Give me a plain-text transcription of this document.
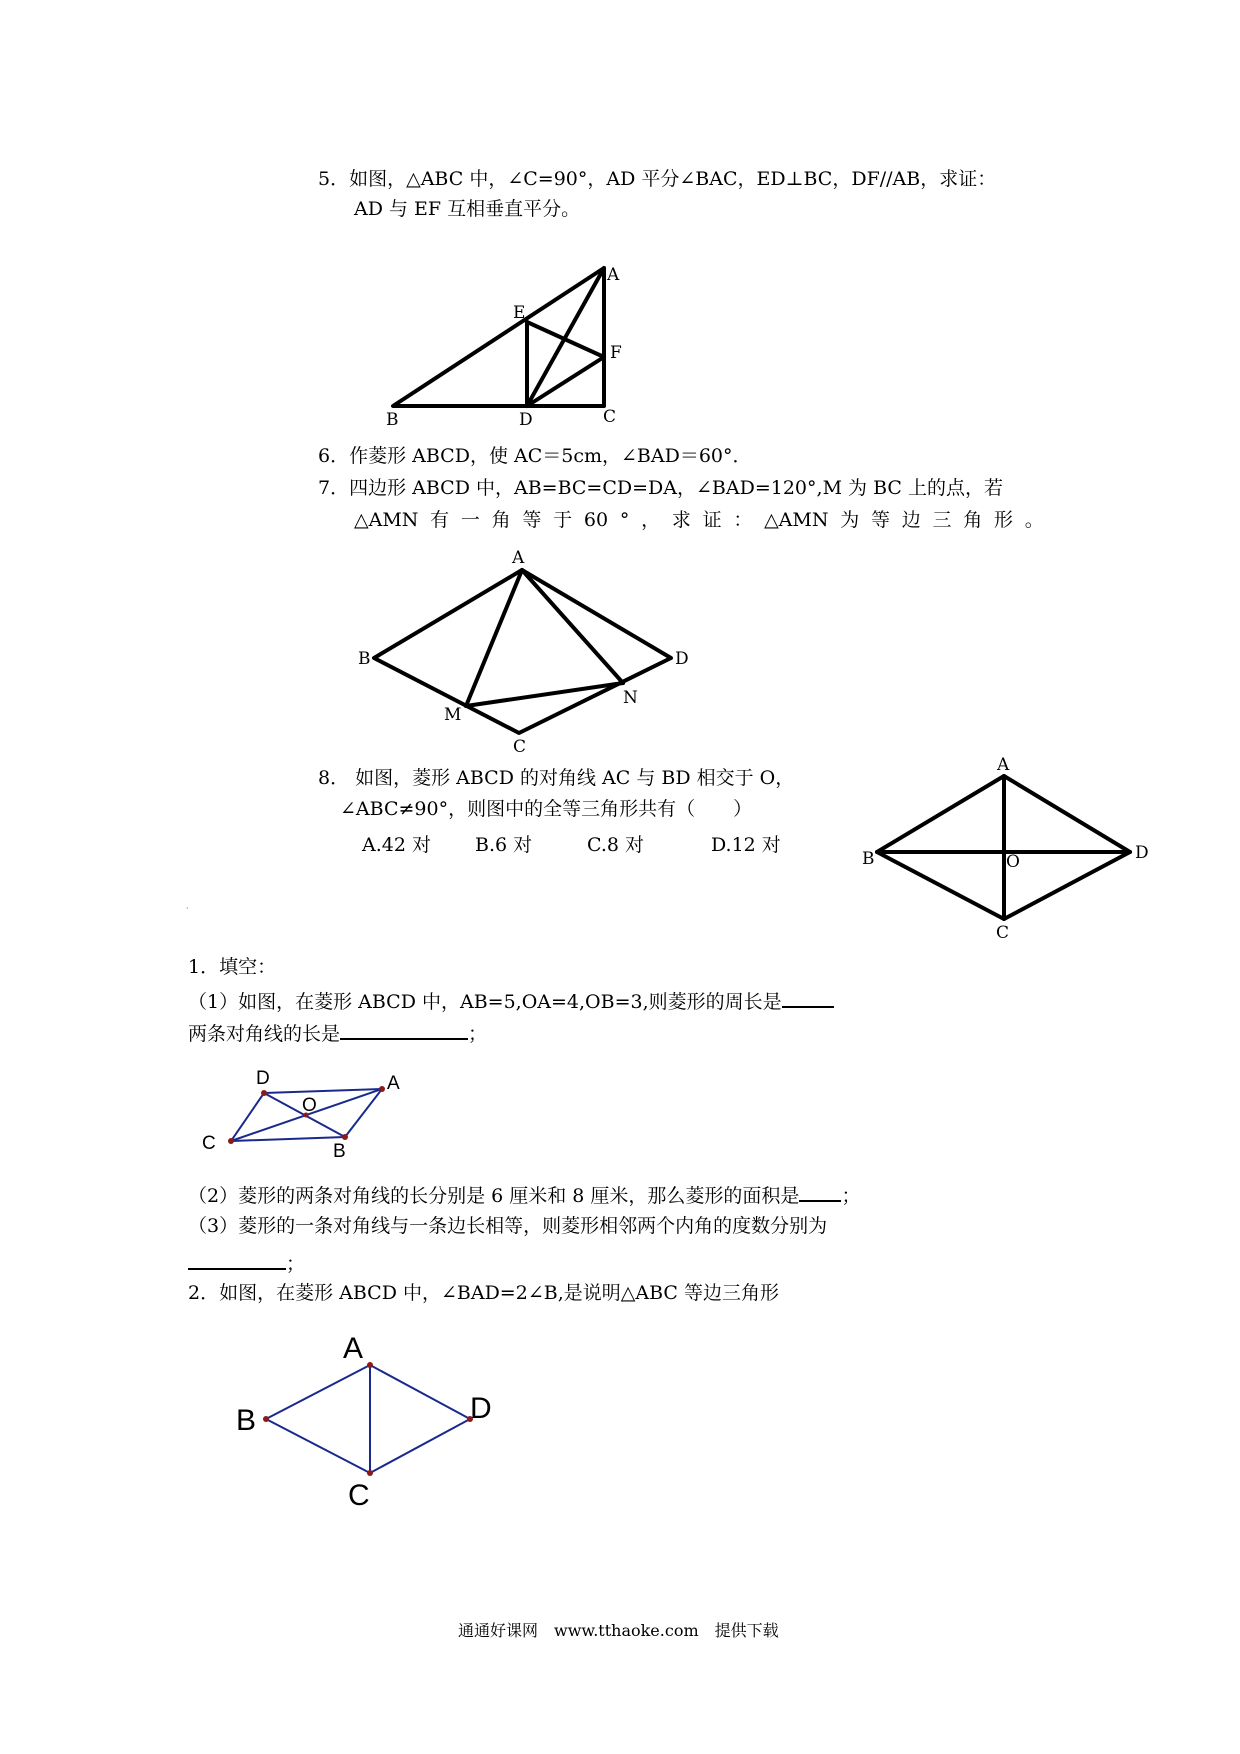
5．如图，△ABC 中，∠C=90°，AD 平分∠BAC，ED⊥BC，DF//AB，求证：
AD 与 EF 互相垂直平分。
A
E
F
B	D	C
A
B	D
M
N
C
A
B	O	D
C
D	A
O
C	B
A
B	D
C
6．作菱形 ABCD，使 AC＝5cm，∠BAD＝60°．
7．四边形 ABCD 中，AB=BC=CD=DA，∠BAD=120°,M 为 BC 上的点，若
△AMN 有 一 角 等 于 60 ° ， 求 证 ： △AMN 为 等 边 三 角 形 。
8． 如图，菱形 ABCD 的对角线 AC 与 BD 相交于 O，
∠ABC≠90°，则图中的全等三角形共有（　　）
A.42 对 B.6 对	C.8 对	D.12 对
·
1．填空：
（1）如图，在菱形 ABCD 中，AB=5,OA=4,OB=3,则菱形的周长是
两条对角线的长是	；
（2）菱形的两条对角线的长分别是 6 厘米和 8 厘米，那么菱形的面积是 ；
（3）菱形的一条对角线与一条边长相等，则菱形相邻两个内角的度数分别为
；
2．如图，在菱形 ABCD 中，∠BAD=2∠B,是说明△ABC 等边三角形
通通好课网　www.tthaoke.com　提供下载
